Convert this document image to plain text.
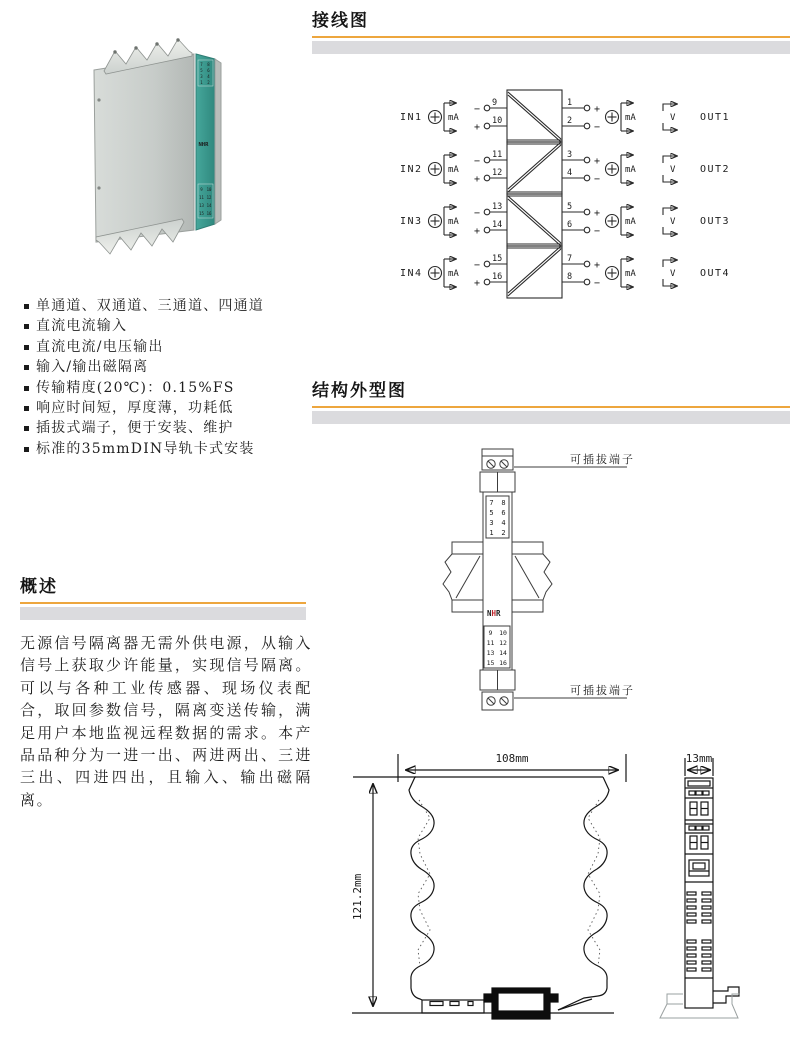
接线图
IN1	mA
−
9
+
10
1
+
2
−
mA	V OUT1
IN2	mA
−
11
+
12
3
+
4
−
mA	V OUT2
IN3	mA
−
13
+
14
5
+
6
−
mA	V OUT3
IN4	mA
−
15
+
16
7
+
8
−
mA	V OUT4
7 8
5 6
3 4
1 2
NHR
9 10
11 12
13 14
15 16
单通道、双通道、三通道、四通道
直流电流输入
直流电流/电压输出
输入/输出磁隔离
传输精度(20℃)：0.15%FS
响应时间短，厚度薄，功耗低
插拔式端子，便于安装、维护
标准的35mmDIN导轨卡式安装
结构外型图
7 8
5 6
3 4
1 2
NHR
9 10
11 12
13 14
15 16
可插拔端子
可插拔端子
概述

无源信号隔离器无需外供电源，从输入信号上获取少许能量，实现信号隔离。可以与各种工业传感器、现场仪表配合，取回参数信号，隔离变送传输，满足用户本地监视远程数据的需求。本产品品种分为一进一出、两进两出、三进三出、四进四出，且输入、输出磁隔离。

108mm
121.2mm
13mm
